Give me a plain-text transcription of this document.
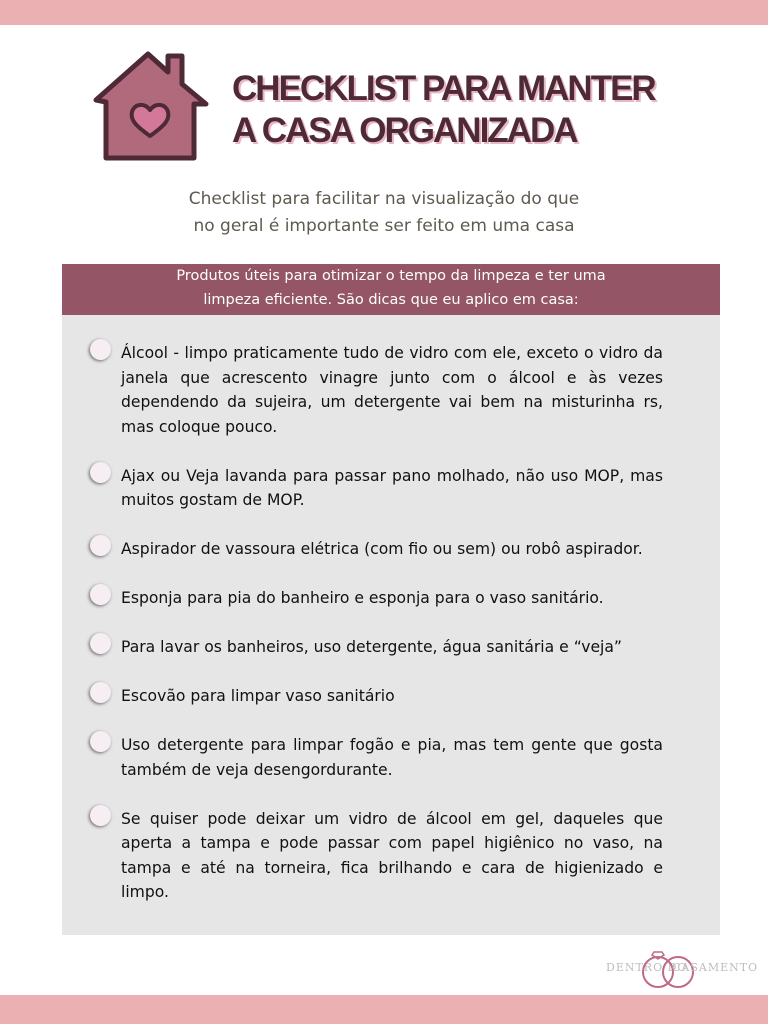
CHECKLIST PARA MANTER
A CASA ORGANIZADA
Checklist para facilitar na visualização do que
no geral é importante ser feito em uma casa
Produtos úteis para otimizar o tempo da limpeza e ter uma
limpeza eficiente. São dicas que eu aplico em casa:
Álcool - limpo praticamente tudo de vidro com ele, exceto o vidro da janela que acrescento vinagre junto com o álcool e às vezes dependendo da sujeira, um detergente vai bem na misturinha rs, mas coloque pouco.
Ajax ou Veja lavanda para passar pano molhado, não uso MOP, mas muitos gostam de MOP.
Aspirador de vassoura elétrica (com fio ou sem) ou robô aspirador.
Esponja para pia do banheiro e esponja para o vaso sanitário.
Para lavar os banheiros, uso detergente, água sanitária e “veja”
Escovão para limpar vaso sanitário
Uso detergente para limpar fogão e pia, mas tem gente que gosta também de veja desengordurante.
Se quiser pode deixar um vidro de álcool em gel, daqueles que aperta a tampa e pode passar com papel higiênico no vaso, na tampa e até na torneira, fica brilhando e cara de higienizado e limpo.
DENTRO DO
CASAMENTO
